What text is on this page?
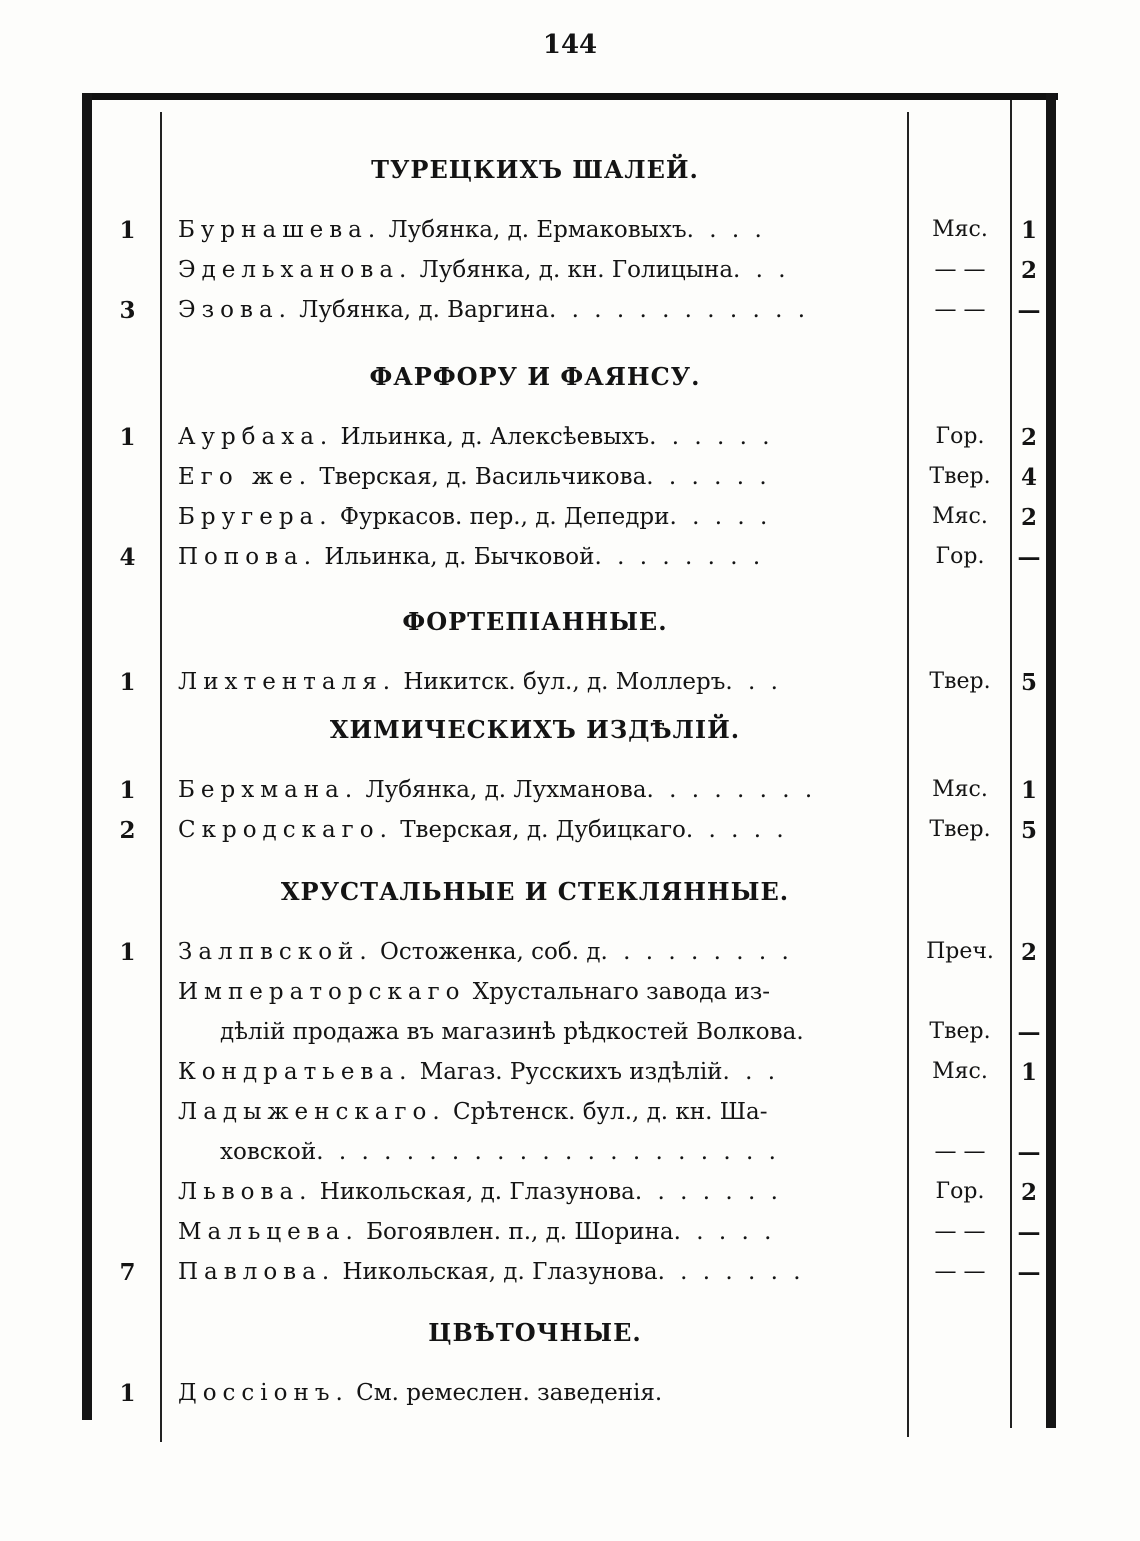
144
ТУРЕЦКИХЪ ШАЛЕЙ.
1	Бурнашева. Лубянка, д. Ермаковыхъ. . . .	Мяс.	1
Эдельханова. Лубянка, д. кн. Голицына. . .	— —	2
3	Эзова. Лубянка, д. Варгина. . . . . . . . . . . .	— —	—
ФАРФОРУ И ФАЯНСУ.
1	Аурбаха. Ильинка, д. Алексѣевыхъ. . . . . .	Гор.	2
Его же. Тверская, д. Васильчикова. . . . . .	Твер.	4
Бругера. Фуркасов. пер., д. Депедри. . . . .	Мяс.	2
4	Попова. Ильинка, д. Бычковой. . . . . . . .	Гор.	—
ФОРТЕПІАННЫЕ.
1	Лихтенталя. Никитск. бул., д. Моллеръ. . .	Твер.	5
ХИМИЧЕСКИХЪ ИЗДѢЛІЙ.
1	Берхмана. Лубянка, д. Лухманова. . . . . . . .	Мяс.	1
2	Скродскаго. Тверская, д. Дубицкаго. . . . .	Твер.	5
ХРУСТАЛЬНЫЕ И СТЕКЛЯННЫЕ.
1	Залпвской. Остоженка, соб. д. . . . . . . . .	Преч.	2
Императорскаго Хрустальнаго завода из-
дѣлій продажа въ магазинѣ рѣдкостей Волкова.	Твер.	—
Кондратьева. Магаз. Русскихъ издѣлій. . .	Мяс.	1
Ладыженскаго. Срѣтенск. бул., д. кн. Ша-
ховской. . . . . . . . . . . . . . . . . . . . .	— —	—
Львова. Никольская, д. Глазунова. . . . . . .	Гор.	2
Мальцева. Богоявлен. п., д. Шорина. . . . .	— —	—
7	Павлова. Никольская, д. Глазунова. . . . . . .	— —	—
ЦВѢТОЧНЫЕ.
1	Доссіонъ. См. ремеслен. заведенія.
